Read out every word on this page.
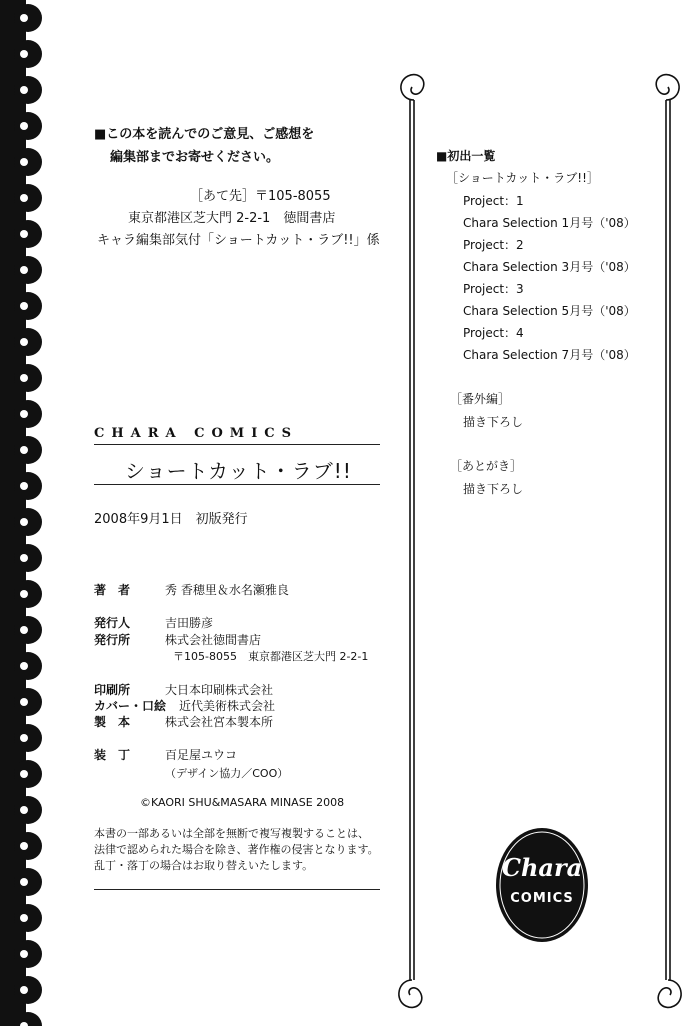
■この本を読んでのご意見、ご感想を
編集部までお寄せください。
［あて先］〒105-8055
東京都港区芝大門 2-2-1　徳間書店
キャラ編集部気付「ショートカット・ラブ!!」係
CHARA COMICS
ショートカット・ラブ!!
2008年9月1日　初版発行
著　者	秀 香穂里＆水名瀬雅良
発行人	吉田勝彦
発行所	株式会社徳間書店
〒105-8055　東京都港区芝大門 2-2-1
印刷所	大日本印刷株式会社
カバー・口絵 近代美術株式会社
製　本	株式会社宮本製本所
装　丁	百足屋ユウコ
（デザイン協力／COO）
©KAORI SHU&MASARA MINASE 2008
本書の一部あるいは全部を無断で複写複製することは、
法律で認められた場合を除き、著作権の侵害となります。
乱丁・落丁の場合はお取り替えいたします。
■初出一覧
［ショートカット・ラブ!!］
Project：1
Chara Selection 1月号（'08）
Project：2
Chara Selection 3月号（'08）
Project：3
Chara Selection 5月号（'08）
Project：4
Chara Selection 7月号（'08）
［番外編］
描き下ろし
［あとがき］
描き下ろし
Chara
COMICS
